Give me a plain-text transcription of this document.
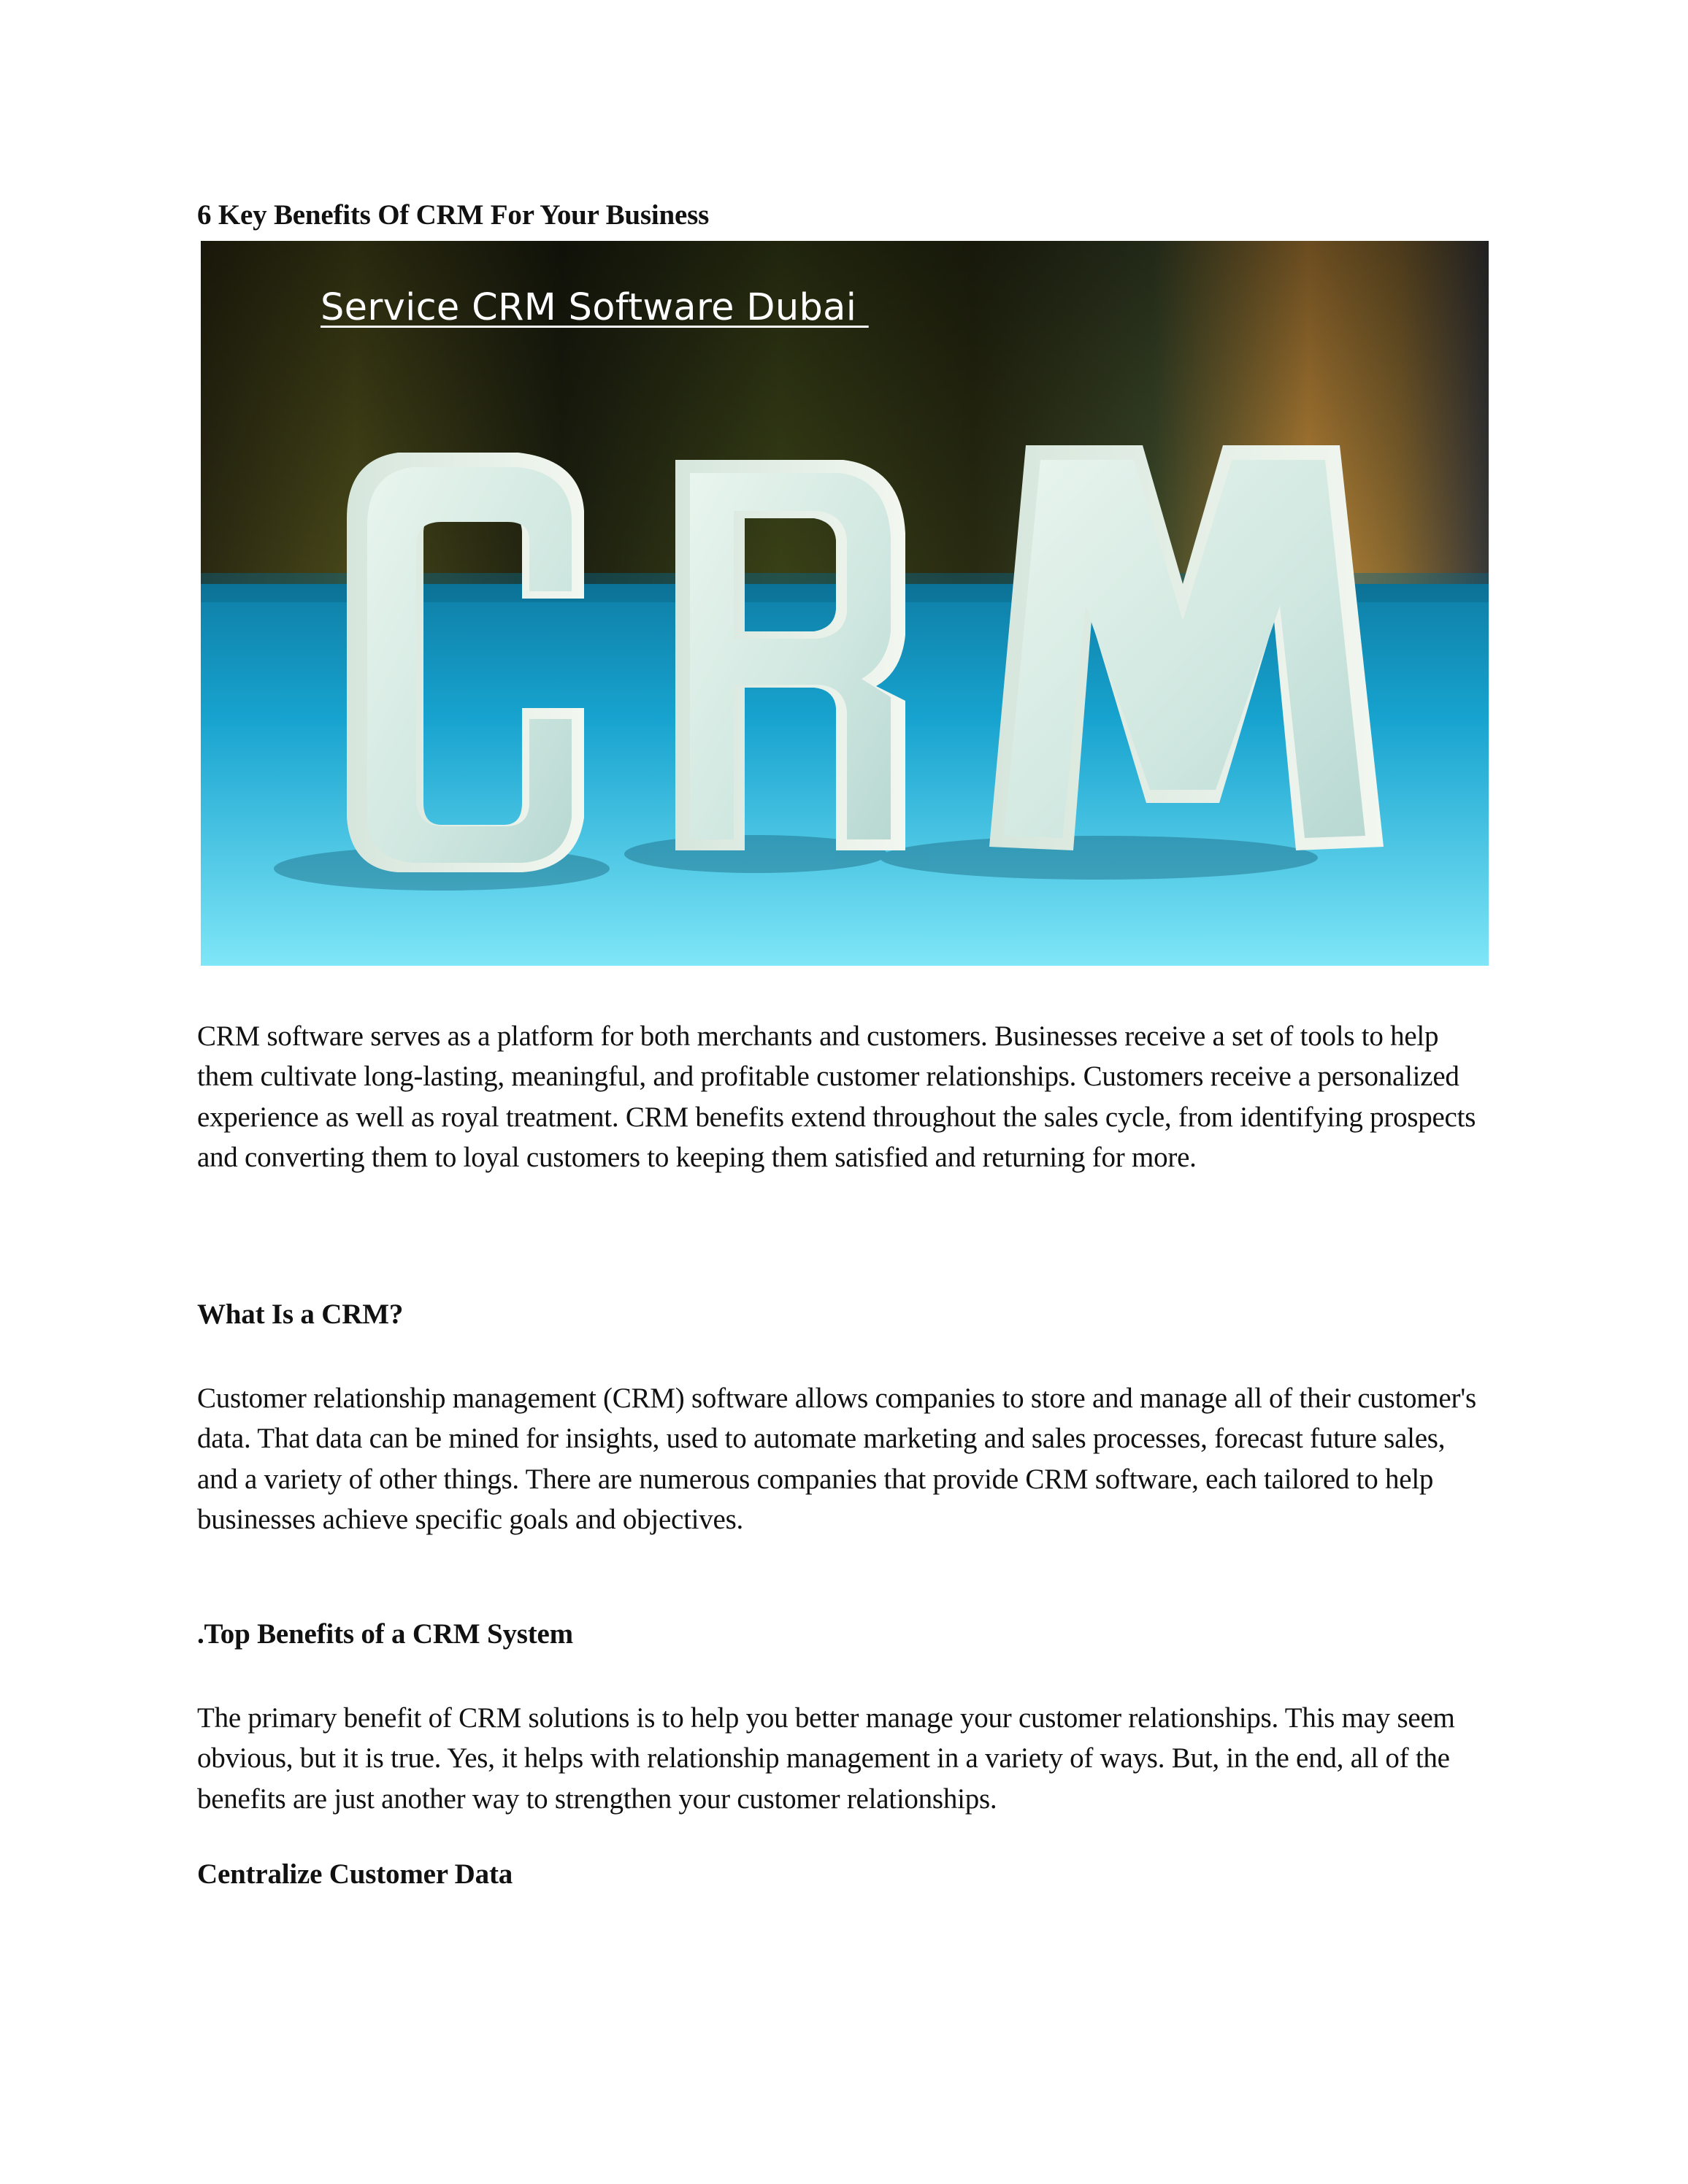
6 Key Benefits Of CRM For Your Business
Service CRM Software Dubai

CRM software serves as a platform for both merchants and customers. Businesses receive a set of tools to help them cultivate long-lasting, meaningful, and profitable customer relationships. Customers receive a personalized experience as well as royal treatment. CRM benefits extend throughout the sales cycle, from identifying prospects and converting them to loyal customers to keeping them satisfied and returning for more.

What Is a CRM?

Customer relationship management (CRM) software allows companies to store and manage all of their customer's data. That data can be mined for insights, used to automate marketing and sales processes, forecast future sales, and a variety of other things. There are numerous companies that provide CRM software, each tailored to help businesses achieve specific goals and objectives.

.Top Benefits of a CRM System

The primary benefit of CRM solutions is to help you better manage your customer relationships. This may seem obvious, but it is true. Yes, it helps with relationship management in a variety of ways. But, in the end, all of the benefits are just another way to strengthen your customer relationships.

Centralize Customer Data
